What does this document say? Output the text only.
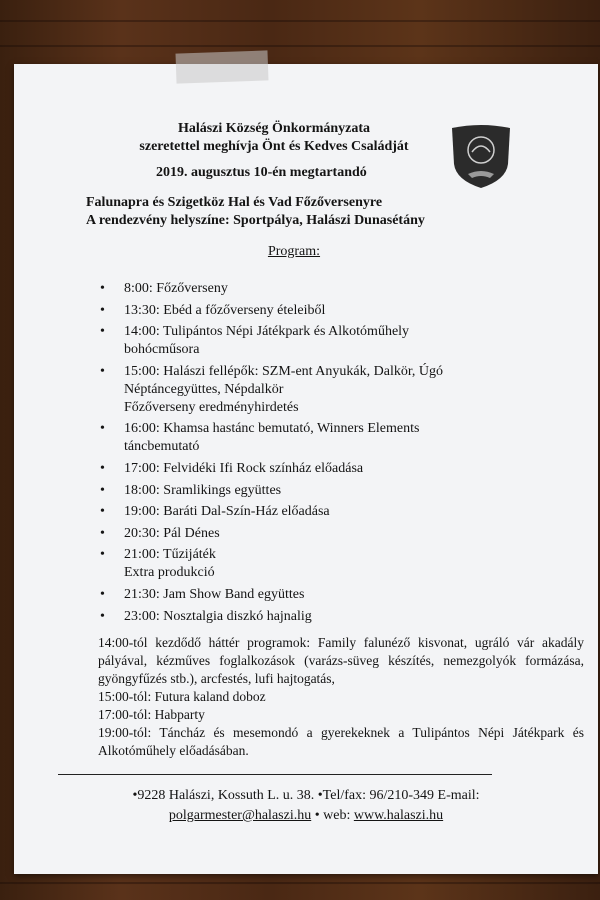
Halászi Község Önkormányzata
szeretettel meghívja Önt és Kedves Családját
2019. augusztus 10-én megtartandó
Falunapra és Szigetköz Hal és Vad Főzőversenyre
A rendezvény helyszíne: Sportpálya, Halászi Dunasétány
Program:
• 8:00: Főzőverseny
• 13:30: Ebéd a főzőverseny ételeiből
• 14:00: Tulipántos Népi Játékpark és Alkotóműhely
bohócműsora
• 15:00: Halászi fellépők: SZM-ent Anyukák, Dalkör, Úgó
Néptáncegyüttes, Népdalkör
Főzőverseny eredményhirdetés
• 16:00: Khamsa hastánc bemutató, Winners Elements
táncbemutató
• 17:00: Felvidéki Ifi Rock színház előadása
• 18:00: Sramlikings együttes
• 19:00: Baráti Dal-Szín-Ház előadása
• 20:30: Pál Dénes
• 21:00: Tűzijáték
Extra produkció
• 21:30: Jam Show Band együttes
• 23:00: Nosztalgia diszkó hajnalig

14:00-tól kezdődő háttér programok: Family falunéző kisvonat, ugráló vár akadály pályával, kézműves foglalkozások (varázs-süveg készítés, nemezgolyók formázása, gyöngyfűzés stb.), arcfestés, lufi hajtogatás,

15:00-tól: Futura kaland doboz

17:00-tól: Habparty

19:00-tól: Táncház és mesemondó a gyerekeknek a Tulipántos Népi Játékpark és Alkotóműhely előadásában.

•9228 Halászi, Kossuth L. u. 38. •Tel/fax: 96/210-349 E-mail:
polgarmester@halaszi.hu • web: www.halaszi.hu
